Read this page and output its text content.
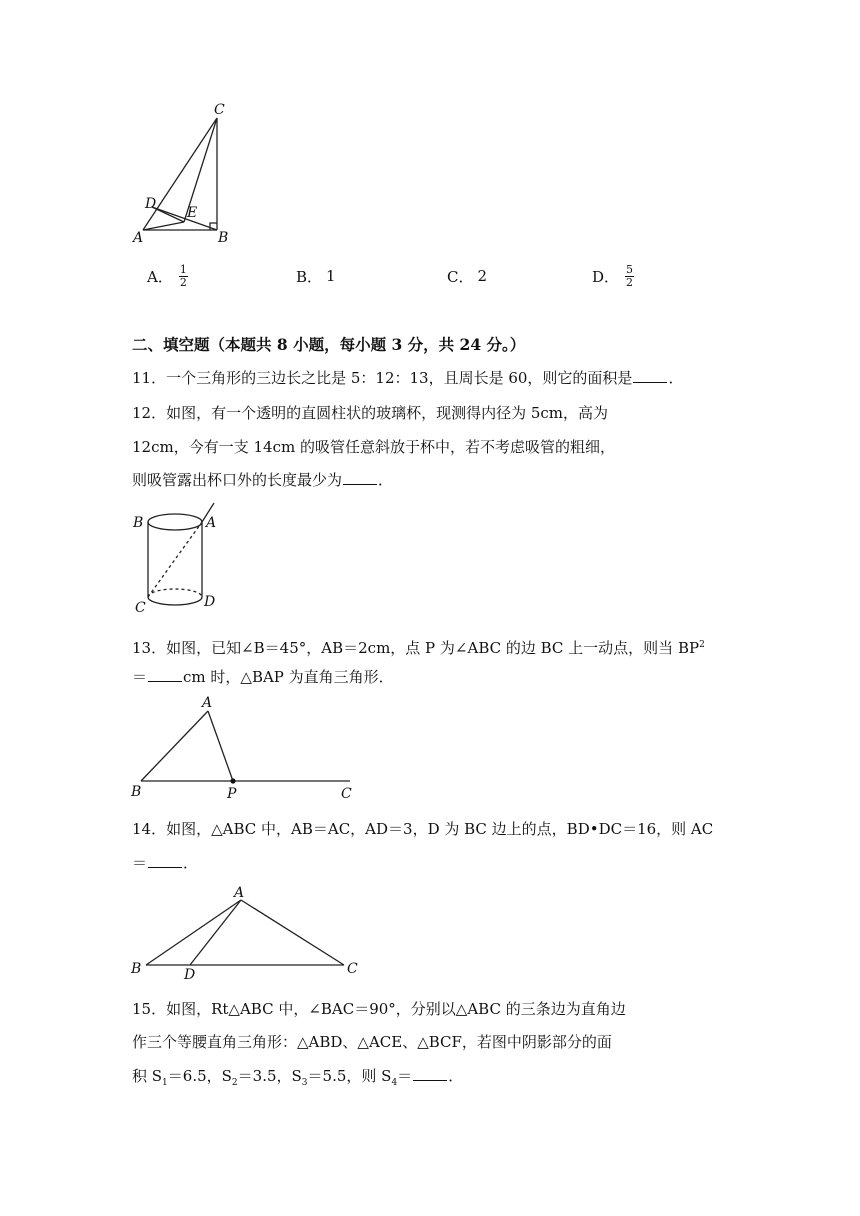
C
D
E
A	B
A． $\frac{1}{2}$	B． 1	C． 2	D． $\frac{5}{2}$
二、填空题（本题共 8 小题，每小题 3 分，共 24 分。）
11．一个三角形的三边长之比是 5：12：13，且周长是 60，则它的面积是 ．
12．如图，有一个透明的直圆柱状的玻璃杯，现测得内径为 5cm，高为
12cm，今有一支 14cm 的吸管任意斜放于杯中，若不考虑吸管的粗细，
则吸管露出杯口外的长度最少为 ．
B	A
C	D
13．如图，已知∠B＝45°，AB＝2cm，点 P 为∠ABC 的边 BC 上一动点，则当 $BP^2$
＝ cm 时，△BAP 为直角三角形．
A
B	P	C
14．如图，△ABC 中，AB＝AC，AD＝3，D 为 BC 边上的点，BD•DC＝16，则 AC
＝ ．
A
B	D	C
15．如图，Rt△ABC 中，∠BAC＝90°，分别以△ABC 的三条边为直角边
作三个等腰直角三角形：△ABD、△ACE、△BCF，若图中阴影部分的面
积 $S_1=6.5$，$S_2=3.5$，$S_3=5.5$，则 $S_4=$ ．
